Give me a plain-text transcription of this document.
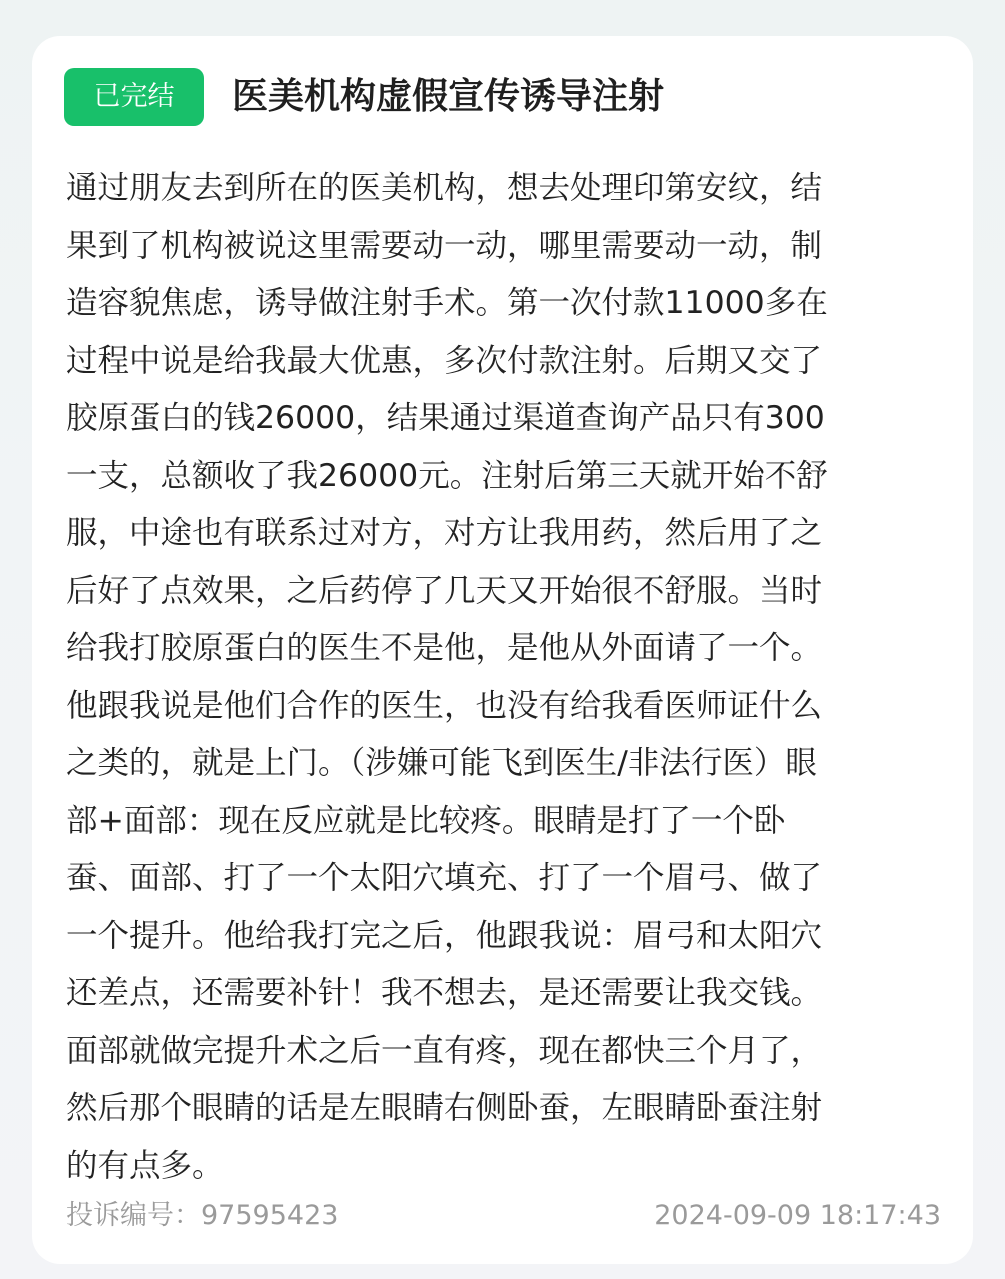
已完结	医美机构虚假宣传诱导注射
通过朋友去到所在的医美机构，想去处理印第安纹，结
果到了机构被说这里需要动一动，哪里需要动一动，制
造容貌焦虑，诱导做注射手术。第一次付款11000多在
过程中说是给我最大优惠，多次付款注射。后期又交了
胶原蛋白的钱26000，结果通过渠道查询产品只有300
一支，总额收了我26000元。注射后第三天就开始不舒
服，中途也有联系过对方，对方让我用药，然后用了之
后好了点效果，之后药停了几天又开始很不舒服。当时
给我打胶原蛋白的医生不是他，是他从外面请了一个。
他跟我说是他们合作的医生，也没有给我看医师证什么
之类的，就是上门。（涉嫌可能飞到医生/非法行医）眼
部+面部：现在反应就是比较疼。眼睛是打了一个卧
蚕、面部、打了一个太阳穴填充、打了一个眉弓、做了
一个提升。他给我打完之后，他跟我说：眉弓和太阳穴
还差点，还需要补针！我不想去，是还需要让我交钱。
面部就做完提升术之后一直有疼，现在都快三个月了，
然后那个眼睛的话是左眼睛右侧卧蚕，左眼睛卧蚕注射
的有点多。
投诉编号：97595423	2024-09-09 18:17:43
